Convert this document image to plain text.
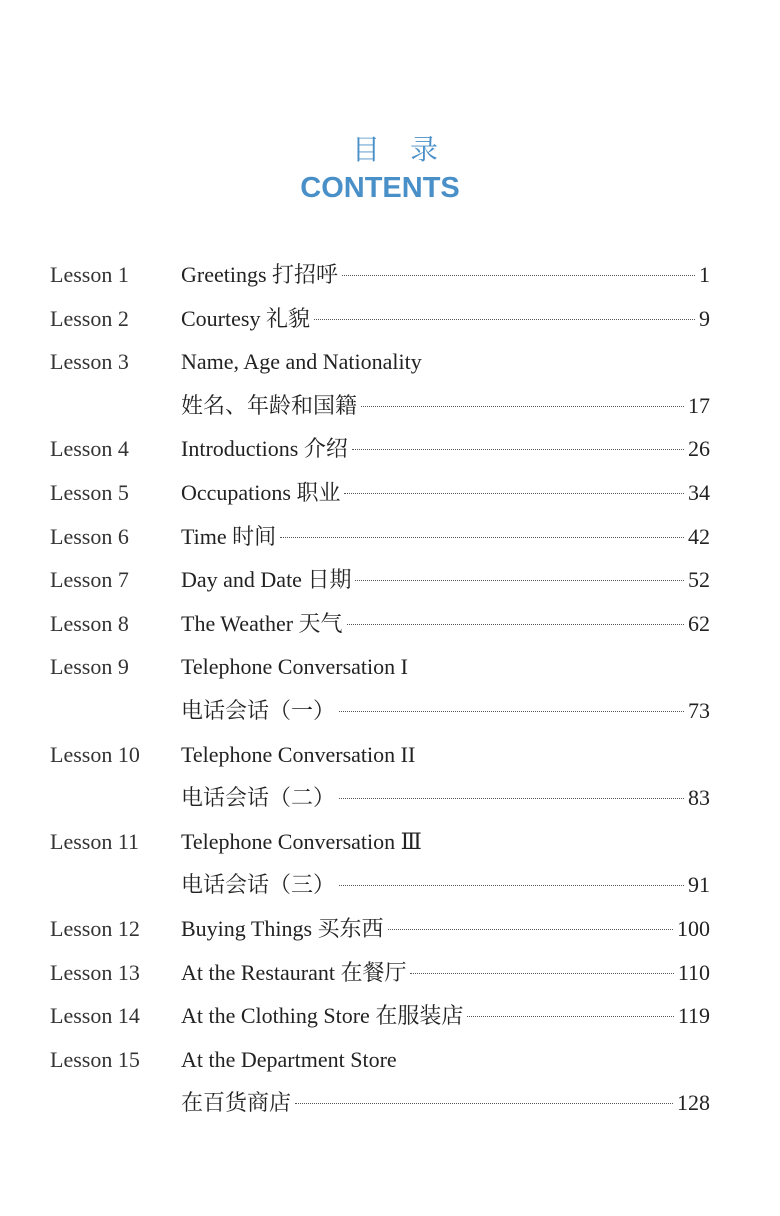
目录
CONTENTS
Lesson 1 Greetings 打招呼	1
Lesson 2 Courtesy 礼貌	9
Lesson 3 Name, Age and Nationality
姓名、年龄和国籍	17
Lesson 4 Introductions 介绍	26
Lesson 5 Occupations 职业	34
Lesson 6 Time 时间	42
Lesson 7 Day and Date 日期	52
Lesson 8 The Weather 天气	62
Lesson 9 Telephone Conversation I
电话会话（一）	73
Lesson 10 Telephone Conversation II
电话会话（二）	83
Lesson 11 Telephone Conversation Ⅲ
电话会话（三）	91
Lesson 12 Buying Things 买东西	100
Lesson 13 At the Restaurant 在餐厅	110
Lesson 14 At the Clothing Store 在服装店	119
Lesson 15 At the Department Store
在百货商店	128
